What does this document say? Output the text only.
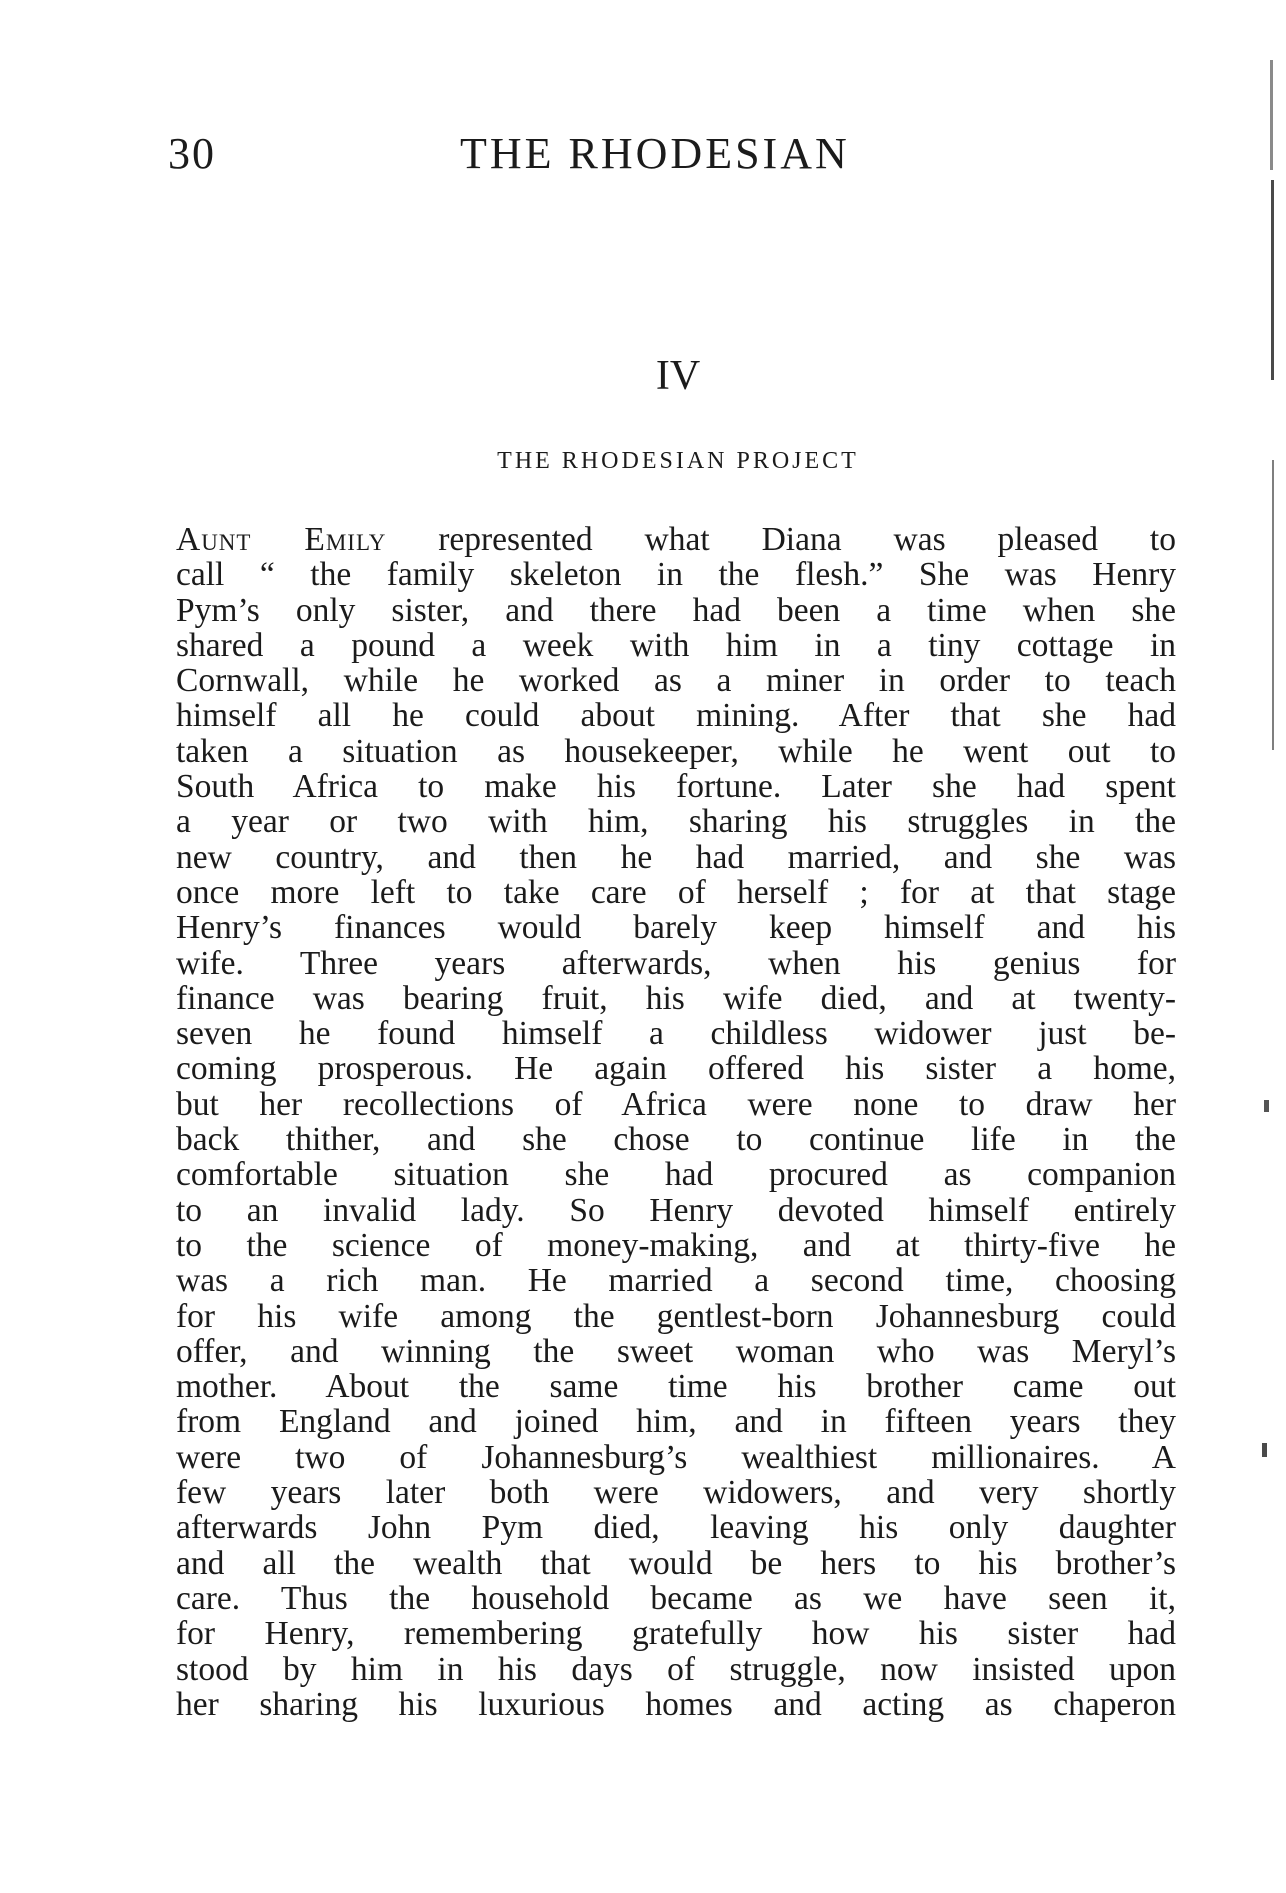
30	THE RHODESIAN
IV
THE RHODESIAN PROJECT
Aunt Emily represented what Diana was pleased to
call “ the family skeleton in the flesh.” She was Henry
Pym’s only sister, and there had been a time when she
shared a pound a week with him in a tiny cottage in
Cornwall, while he worked as a miner in order to teach
himself all he could about mining. After that she had
taken a situation as housekeeper, while he went out to
South Africa to make his fortune. Later she had spent
a year or two with him, sharing his struggles in the
new country, and then he had married, and she was
once more left to take care of herself ; for at that stage
Henry’s finances would barely keep himself and his
wife. Three years afterwards, when his genius for
finance was bearing fruit, his wife died, and at twenty-
seven he found himself a childless widower just be-
coming prosperous. He again offered his sister a home,
but her recollections of Africa were none to draw her
back thither, and she chose to continue life in the
comfortable situation she had procured as companion
to an invalid lady. So Henry devoted himself entirely
to the science of money-making, and at thirty-five he
was a rich man. He married a second time, choosing
for his wife among the gentlest-born Johannesburg could
offer, and winning the sweet woman who was Meryl’s
mother. About the same time his brother came out
from England and joined him, and in fifteen years they
were two of Johannesburg’s wealthiest millionaires. A
few years later both were widowers, and very shortly
afterwards John Pym died, leaving his only daughter
and all the wealth that would be hers to his brother’s
care. Thus the household became as we have seen it,
for Henry, remembering gratefully how his sister had
stood by him in his days of struggle, now insisted upon
her sharing his luxurious homes and acting as chaperon
